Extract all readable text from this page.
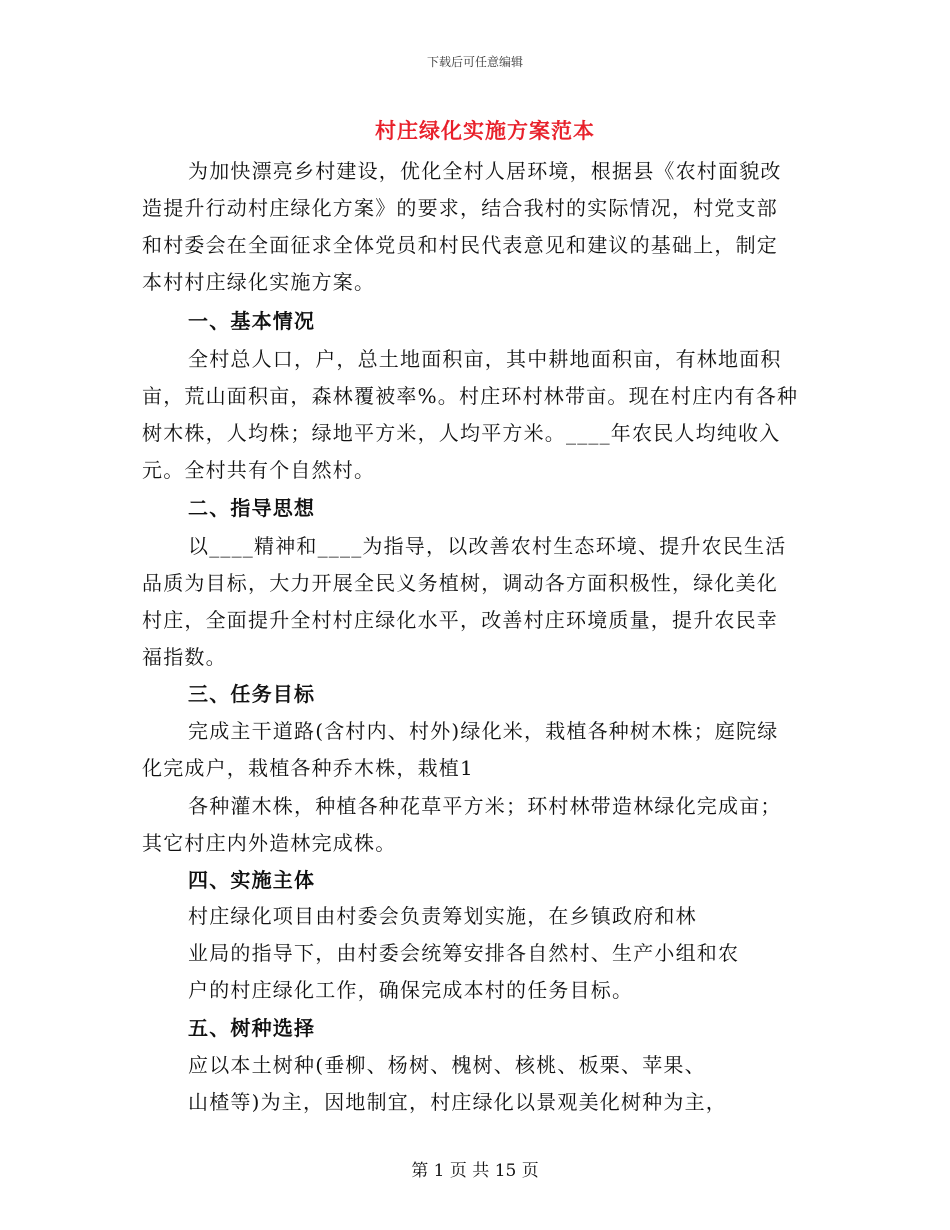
下载后可任意编辑
村庄绿化实施方案范本
为加快漂亮乡村建设，优化全村人居环境，根据县《农村面貌改
造提升行动村庄绿化方案》的要求，结合我村的实际情况，村党支部
和村委会在全面征求全体党员和村民代表意见和建议的基础上，制定
本村村庄绿化实施方案。
一、基本情况
全村总人口，户，总土地面积亩，其中耕地面积亩，有林地面积
亩，荒山面积亩，森林覆被率%。村庄环村林带亩。现在村庄内有各种
树木株，人均株；绿地平方米，人均平方米。____年农民人均纯收入
元。全村共有个自然村。
二、指导思想
以____精神和____为指导，以改善农村生态环境、提升农民生活
品质为目标，大力开展全民义务植树，调动各方面积极性，绿化美化
村庄，全面提升全村村庄绿化水平，改善村庄环境质量，提升农民幸
福指数。
三、任务目标
完成主干道路(含村内、村外)绿化米，栽植各种树木株；庭院绿
化完成户，栽植各种乔木株，栽植1
各种灌木株，种植各种花草平方米；环村林带造林绿化完成亩；
其它村庄内外造林完成株。
四、实施主体
村庄绿化项目由村委会负责筹划实施，在乡镇政府和林
业局的指导下，由村委会统筹安排各自然村、生产小组和农
户的村庄绿化工作，确保完成本村的任务目标。
五、树种选择
应以本土树种(垂柳、杨树、槐树、核桃、板栗、苹果、
山楂等)为主，因地制宜，村庄绿化以景观美化树种为主，
第 1 页 共 15 页
